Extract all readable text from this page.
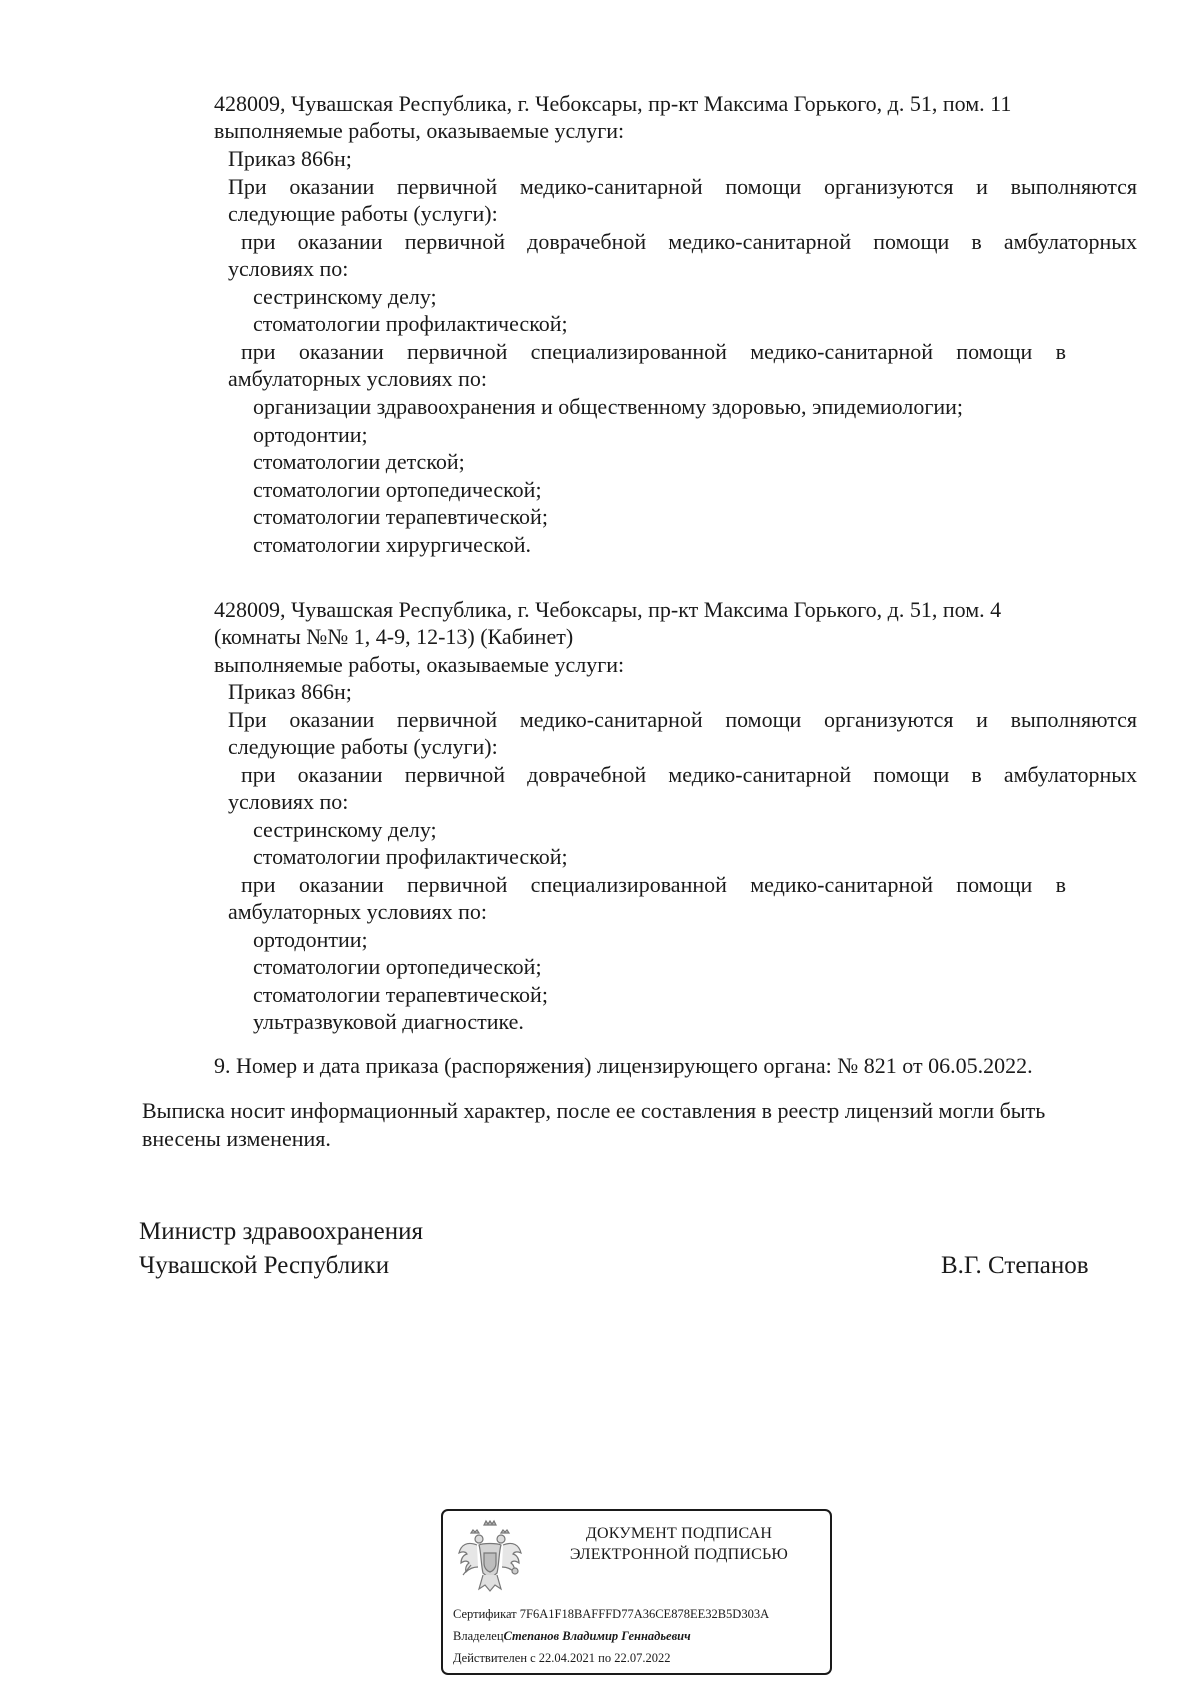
428009, Чувашская Республика, г. Чебоксары, пр-кт Максима Горького, д. 51, пом. 11
выполняемые работы, оказываемые услуги:
Приказ 866н;
При оказании первичной медико-санитарной помощи организуются и выполняются
следующие работы (услуги):
при оказании первичной доврачебной медико-санитарной помощи в амбулаторных
условиях по:
сестринскому делу;
стоматологии профилактической;
при оказании первичной специализированной медико-санитарной помощи в
амбулаторных условиях по:
организации здравоохранения и общественному здоровью, эпидемиологии;
ортодонтии;
стоматологии детской;
стоматологии ортопедической;
стоматологии терапевтической;
стоматологии хирургической.
428009, Чувашская Республика, г. Чебоксары, пр-кт Максима Горького, д. 51, пом. 4
(комнаты №№ 1, 4-9, 12-13) (Кабинет)
выполняемые работы, оказываемые услуги:
Приказ 866н;
При оказании первичной медико-санитарной помощи организуются и выполняются
следующие работы (услуги):
при оказании первичной доврачебной медико-санитарной помощи в амбулаторных
условиях по:
сестринскому делу;
стоматологии профилактической;
при оказании первичной специализированной медико-санитарной помощи в
амбулаторных условиях по:
ортодонтии;
стоматологии ортопедической;
стоматологии терапевтической;
ультразвуковой диагностике.
9. Номер и дата приказа (распоряжения) лицензирующего органа: № 821 от 06.05.2022.
Выписка носит информационный характер, после ее составления в реестр лицензий могли быть
внесены изменения.
Министр здравоохранения
Чувашской Республики	В.Г. Степанов
ДОКУМЕНТ ПОДПИСАН
ЭЛЕКТРОННОЙ ПОДПИСЬЮ
Сертификат 7F6A1F18BAFFFD77A36CE878EE32B5D303A
ВладелецСтепанов Владимир Геннадьевич
Действителен с 22.04.2021 по 22.07.2022
